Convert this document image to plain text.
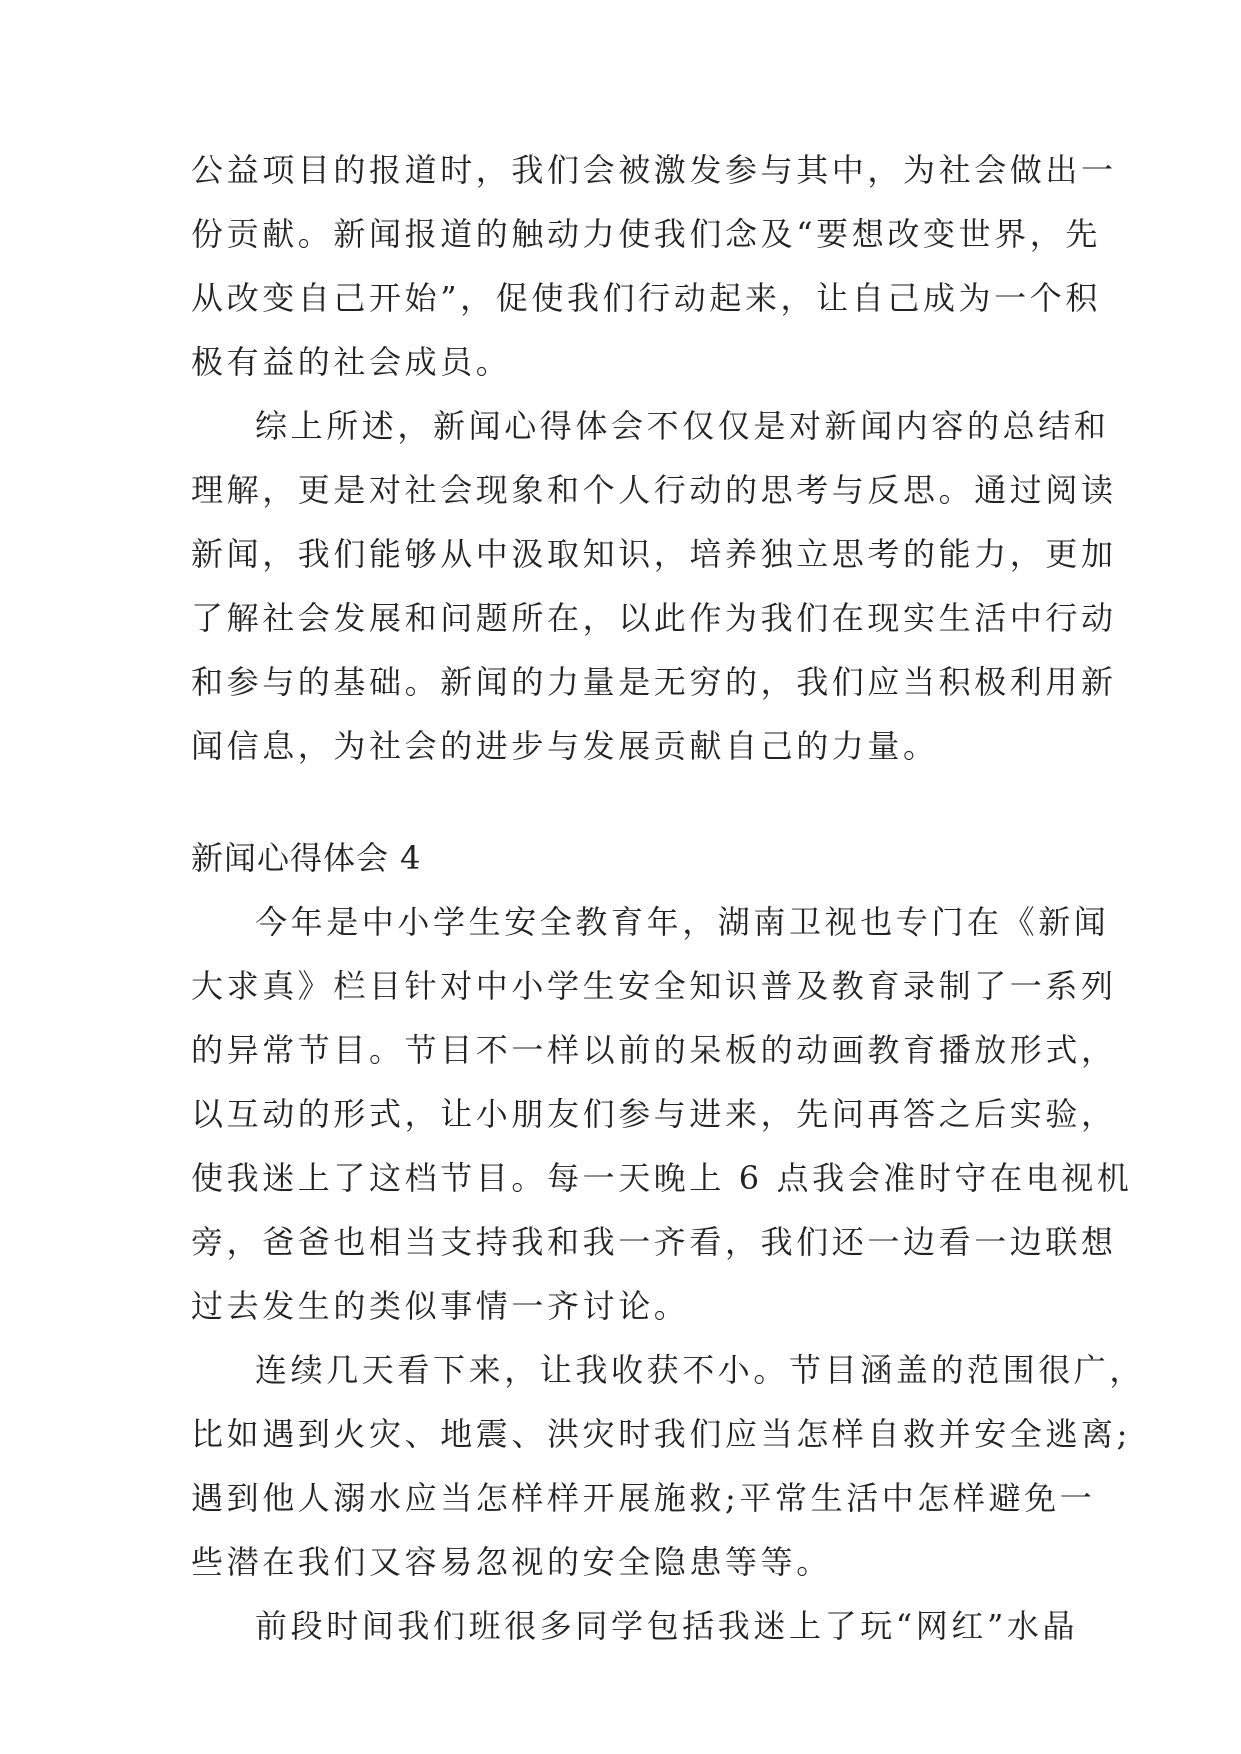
公益项目的报道时，我们会被激发参与其中，为社会做出一
份贡献。新闻报道的触动力使我们念及“要想改变世界，先
从改变自己开始”，促使我们行动起来，让自己成为一个积
极有益的社会成员。
综上所述，新闻心得体会不仅仅是对新闻内容的总结和
理解，更是对社会现象和个人行动的思考与反思。通过阅读
新闻，我们能够从中汲取知识，培养独立思考的能力，更加
了解社会发展和问题所在，以此作为我们在现实生活中行动
和参与的基础。新闻的力量是无穷的，我们应当积极利用新
闻信息，为社会的进步与发展贡献自己的力量。
新闻心得体会 4
今年是中小学生安全教育年，湖南卫视也专门在《新闻
大求真》栏目针对中小学生安全知识普及教育录制了一系列
的异常节目。节目不一样以前的呆板的动画教育播放形式，
以互动的形式，让小朋友们参与进来，先问再答之后实验，
使我迷上了这档节目。每一天晚上 6 点我会准时守在电视机
旁，爸爸也相当支持我和我一齐看，我们还一边看一边联想
过去发生的类似事情一齐讨论。
连续几天看下来，让我收获不小。节目涵盖的范围很广，
比如遇到火灾、地震、洪灾时我们应当怎样自救并安全逃离;
遇到他人溺水应当怎样样开展施救;平常生活中怎样避免一
些潜在我们又容易忽视的安全隐患等等。
前段时间我们班很多同学包括我迷上了玩“网红”水晶
